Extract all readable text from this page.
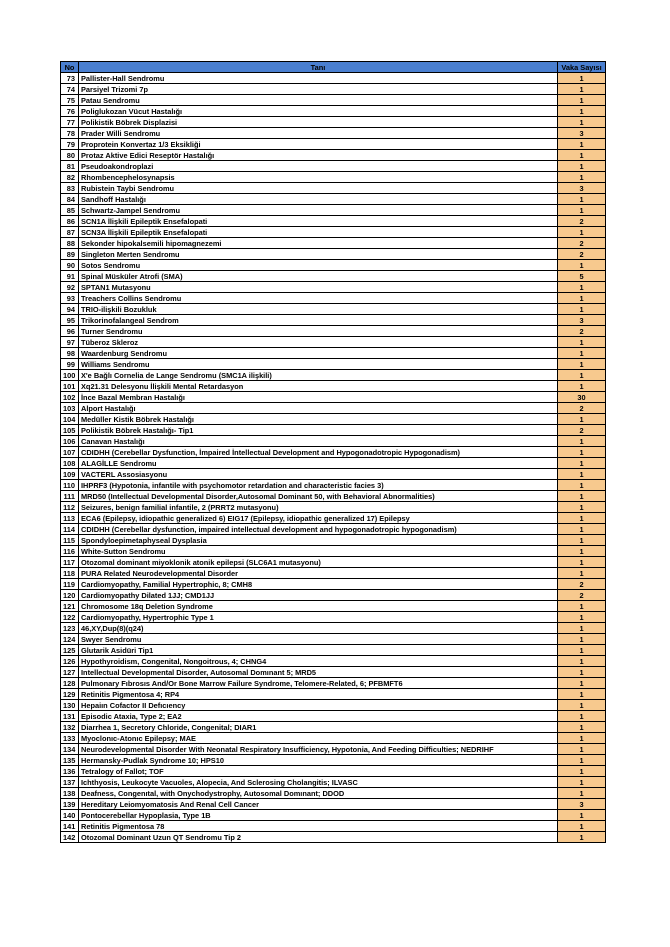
No	Tanı	Vaka Sayısı
73	Pallister-Hall Sendromu	1
74	Parsiyel Trizomi 7p	1
75	Patau Sendromu	1
76	Poliglukozan Vücut Hastalığı	1
77	Polikistik Böbrek Displazisi	1
78	Prader Willi Sendromu	3
79	Proprotein Konvertaz 1/3 Eksikliği	1
80	Protaz Aktive Edici Reseptör Hastalığı	1
81	Pseudoakondroplazi	1
82	Rhombencephelosynapsis	1
83	Rubistein Taybi Sendromu	3
84	Sandhoff Hastalığı	1
85	Schwartz-Jampel Sendromu	1
86	SCN1A İlişkili Epileptik Ensefalopati	2
87	SCN3A İlişkili Epileptik Ensefalopati	1
88	Sekonder hipokalsemili hipomagnezemi	2
89	Singleton Merten Sendromu	2
90	Sotos Sendromu	1
91	Spinal Müsküler Atrofi (SMA)	5
92	SPTAN1 Mutasyonu	1
93	Treachers Collins Sendromu	1
94	TRIO-ilişkili Bozukluk	1
95	Trikorinofalangeal Sendrom	3
96	Turner Sendromu	2
97	Tüberoz Skleroz	1
98	Waardenburg Sendromu	1
99	Williams Sendromu	1
100	X'e Bağlı Cornelia de Lange Sendromu (SMC1A ilişkili)	1
101	Xq21.31 Delesyonu İlişkili Mental Retardasyon	1
102	İnce Bazal Membran Hastalığı	30
103	Alport Hastalığı	2
104	Medüller Kistik Böbrek Hastalığı	1
105	Polikistik Böbrek Hastalığı- Tip1	2
106	Canavan Hastalığı	1
107	CDIDHH (Cerebellar Dysfunction, İmpaired İntellectual Development and Hypogonadotropic Hypogonadism)	1
108	ALAGİLLE Sendromu	1
109	VACTERL Assosiasyonu	1
110	IHPRF3 (Hypotonia, infantile with psychomotor retardation and characteristic facies 3)	1
111	MRD50 (Intellectual Developmental Disorder,Autosomal Dominant 50, with Behavioral Abnormalities)	1
112	Seizures, benign familial infantile, 2 (PRRT2 mutasyonu)	1
113	ECA6 (Epilepsy, idiopathic generalized 6) EIG17 (Epilepsy, idiopathic generalized 17) Epilepsy	1
114	CDIDHH (Cerebellar dysfunction, impaired intellectual development and hypogonadotropic hypogonadism)	1
115	Spondyloepimetaphyseal Dysplasia	1
116	White-Sutton Sendromu	1
117	Otozomal dominant miyoklonik atonik epilepsi (SLC6A1 mutasyonu)	1
118	PURA Related Neurodevelopmental Disorder	1
119	Cardiomyopathy, Familial Hypertrophic, 8; CMH8	2
120	Cardiomyopathy Dilated 1JJ; CMD1JJ	2
121	Chromosome 18q Deletion Syndrome	1
122	Cardiomyopathy, Hypertrophic Type 1	1
123	46,XY,Dup(8)(q24)	1
124	Swyer Sendromu	1
125	Glutarik Asidüri Tip1	1
126	Hypothyroidism, Congenital, Nongoitrous, 4; CHNG4	1
127	Intellectual Developmental Disorder, Autosomal Domınant 5; MRD5	1
128	Pulmonary Fıbrosıs And/Or Bone Marrow Failure Syndrome, Telomere-Related, 6; PFBMFT6	1
129	Retinitis Pigmentosa 4; RP4	1
130	Hepaiın Cofactor II Defıcıency	1
131	Episodic Ataxia, Type 2; EA2	1
132	Diarrhea 1, Secretory Chloride, Congenital; DIAR1	1
133	Myoclonıc-Atonıc Epilepsy; MAE	1
134	Neurodevelopmental Disorder With Neonatal Respiratory Insufficiency, Hypotonia, And Feeding Difficulties; NEDRIHF	1
135	Hermansky-Pudlak Syndrome 10; HPS10	1
136	Tetralogy of Fallot; TOF	1
137	Ichthyosis, Leukocyte Vacuoles, Alopecia, And Sclerosing Cholangitis; ILVASC	1
138	Deafness, Congenıtal, with Onychodystrophy, Autosomal Domınant; DDOD	1
139	Hereditary Leiomyomatosis And Renal Cell Cancer	3
140	Pontocerebellar Hypoplasia, Type 1B	1
141	Retinitis Pigmentosa 78	1
142	Otozomal Dominant Uzun QT Sendromu Tip 2	1
